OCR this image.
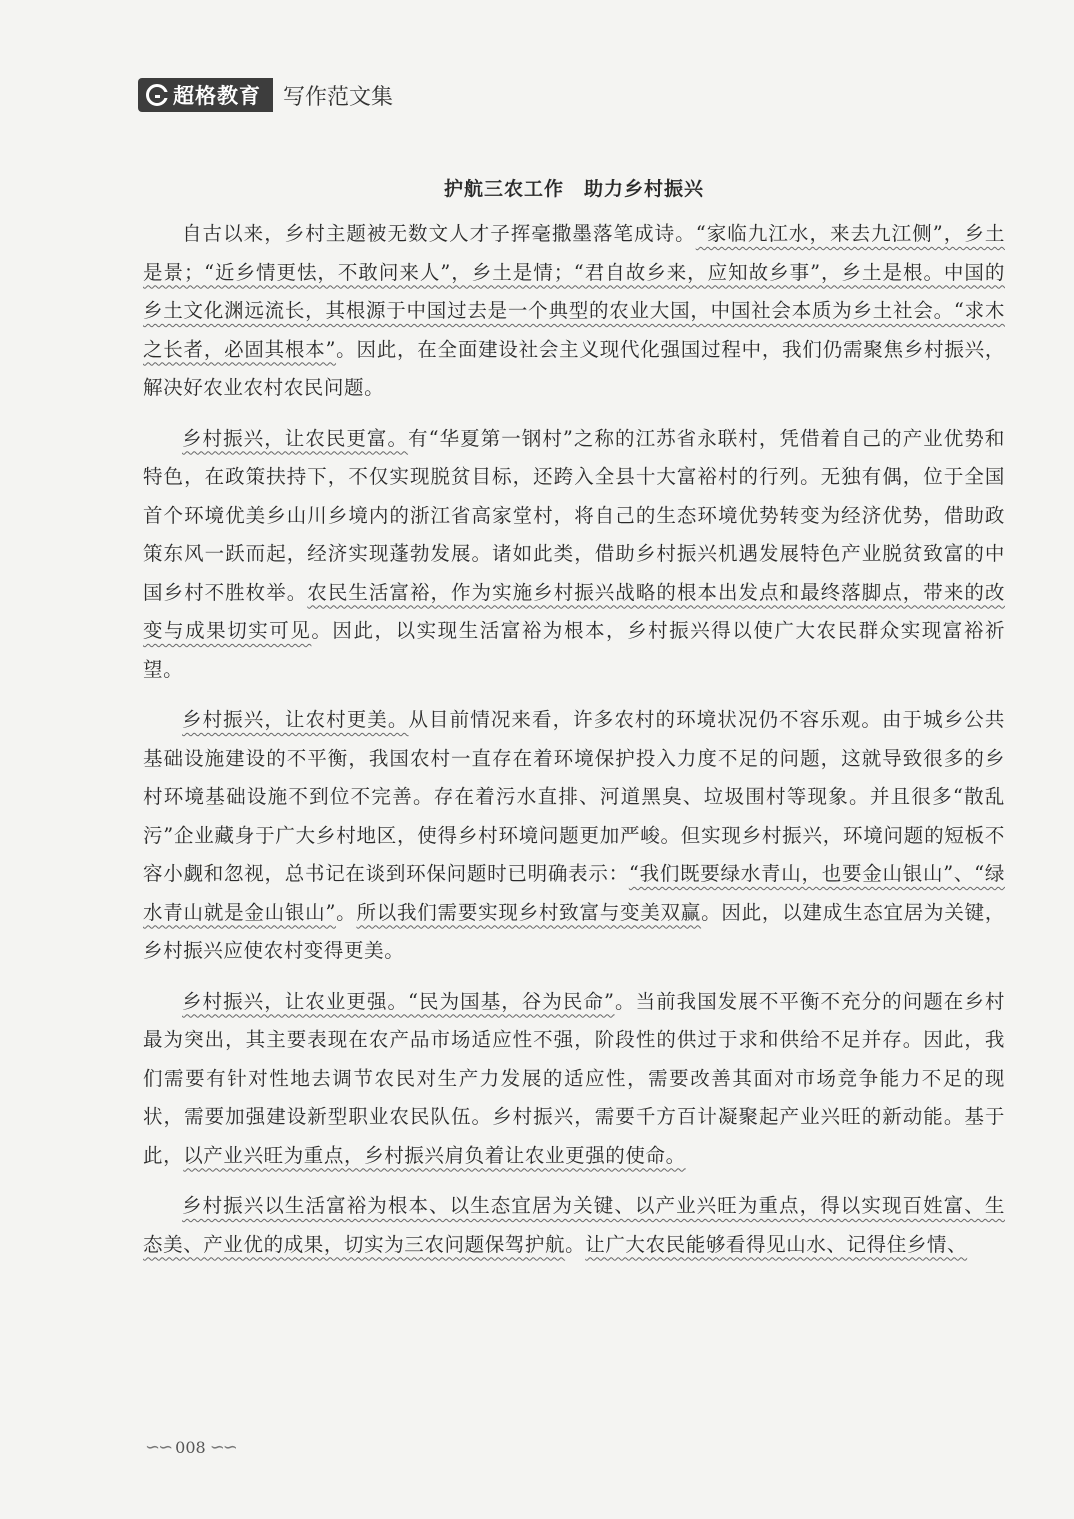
超格教育 写作范文集
护航三农工作　助力乡村振兴

自古以来，乡村主题被无数文人才子挥毫撒墨落笔成诗。“家临九江水，来去九江侧”，乡土是景；“近乡情更怯，不敢问来人”，乡土是情；“君自故乡来，应知故乡事”，乡土是根。中国的乡土文化渊远流长，其根源于中国过去是一个典型的农业大国，中国社会本质为乡土社会。“求木之长者，必固其根本”。因此，在全面建设社会主义现代化强国过程中，我们仍需聚焦乡村振兴，解决好农业农村农民问题。

乡村振兴，让农民更富。有“华夏第一钢村”之称的江苏省永联村，凭借着自己的产业优势和特色，在政策扶持下，不仅实现脱贫目标，还跨入全县十大富裕村的行列。无独有偶，位于全国首个环境优美乡山川乡境内的浙江省高家堂村，将自己的生态环境优势转变为经济优势，借助政策东风一跃而起，经济实现蓬勃发展。诸如此类，借助乡村振兴机遇发展特色产业脱贫致富的中国乡村不胜枚举。农民生活富裕，作为实施乡村振兴战略的根本出发点和最终落脚点，带来的改变与成果切实可见。因此，以实现生活富裕为根本，乡村振兴得以使广大农民群众实现富裕祈望。

乡村振兴，让农村更美。从目前情况来看，许多农村的环境状况仍不容乐观。由于城乡公共基础设施建设的不平衡，我国农村一直存在着环境保护投入力度不足的问题，这就导致很多的乡村环境基础设施不到位不完善。存在着污水直排、河道黑臭、垃圾围村等现象。并且很多“散乱污”企业藏身于广大乡村地区，使得乡村环境问题更加严峻。但实现乡村振兴，环境问题的短板不容小觑和忽视，总书记在谈到环保问题时已明确表示：“我们既要绿水青山，也要金山银山”、“绿水青山就是金山银山”。所以我们需要实现乡村致富与变美双赢。因此，以建成生态宜居为关键，乡村振兴应使农村变得更美。

乡村振兴，让农业更强。“民为国基，谷为民命”。当前我国发展不平衡不充分的问题在乡村最为突出，其主要表现在农产品市场适应性不强，阶段性的供过于求和供给不足并存。因此，我们需要有针对性地去调节农民对生产力发展的适应性，需要改善其面对市场竞争能力不足的现状，需要加强建设新型职业农民队伍。乡村振兴，需要千方百计凝聚起产业兴旺的新动能。基于此，以产业兴旺为重点，乡村振兴肩负着让农业更强的使命。

乡村振兴以生活富裕为根本、以生态宜居为关键、以产业兴旺为重点，得以实现百姓富、生态美、产业优的成果，切实为三农问题保驾护航。让广大农民能够看得见山水、记得住乡情、

∽∽ 008 ∽∽
